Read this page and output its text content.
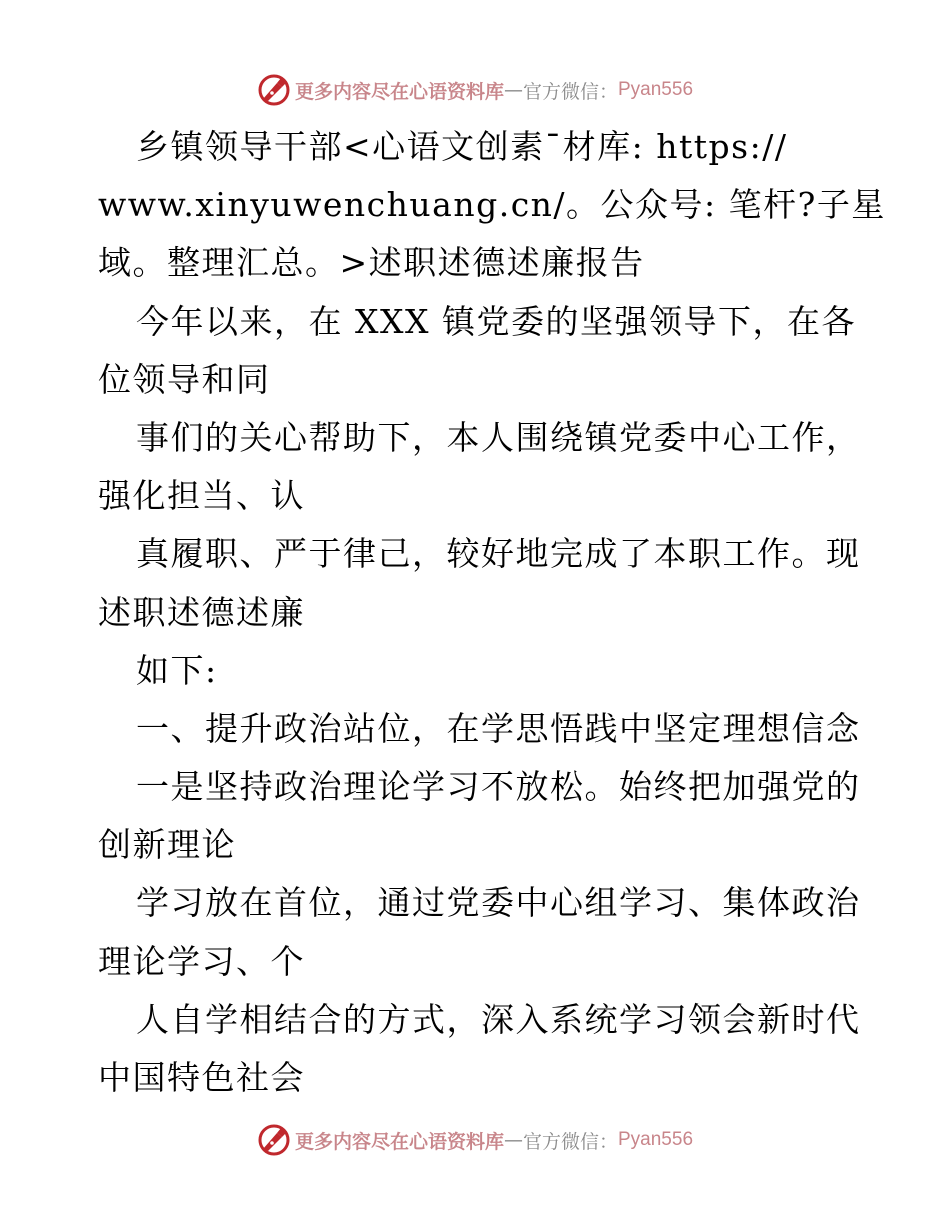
更多内容尽在心语资料库 — 官方微信： Pyan556
乡镇领导干部<心语文创素¯材库: https://
www.xinyuwenchuang.cn/。公众号: 笔杆?子星
域。整理汇总。>述职述德述廉报告
今年以来，在 XXX 镇党委的坚强领导下，在各
位领导和同
事们的关心帮助下，本人围绕镇党委中心工作，
强化担当、认
真履职、严于律己，较好地完成了本职工作。现
述职述德述廉
如下:
一、提升政治站位，在学思悟践中坚定理想信念
一是坚持政治理论学习不放松。始终把加强党的
创新理论
学习放在首位，通过党委中心组学习、集体政治
理论学习、个
人自学相结合的方式，深入系统学习领会新时代
中国特色社会
更多内容尽在心语资料库 — 官方微信： Pyan556
